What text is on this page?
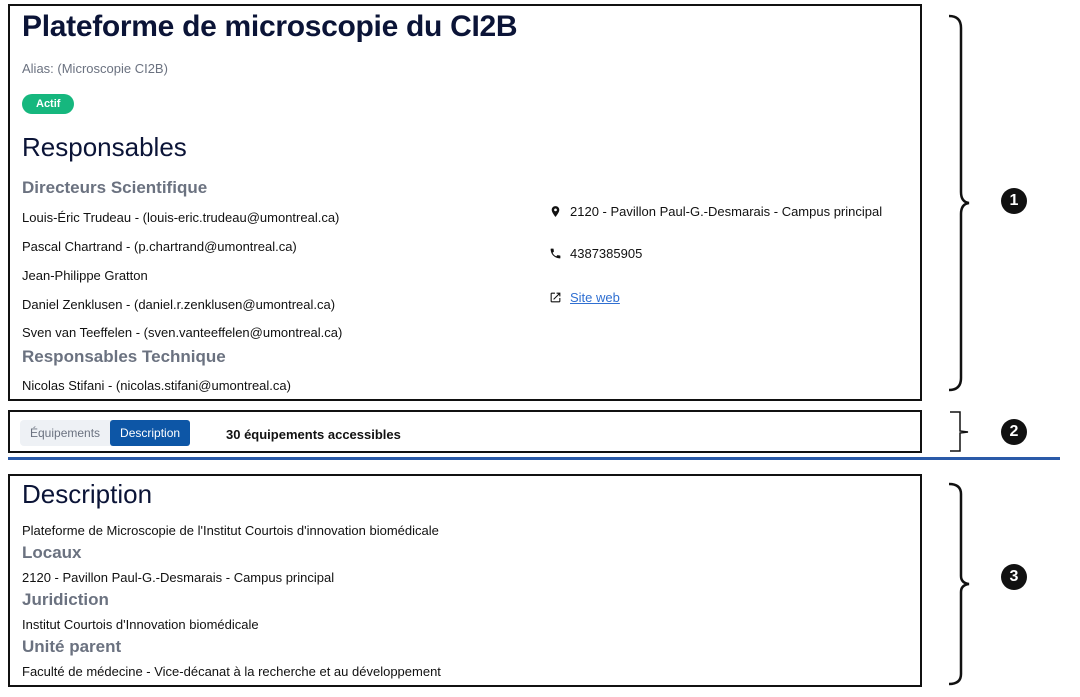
Plateforme de microscopie du CI2B
Alias: (Microscopie CI2B)
Actif
Responsables
Directeurs Scientifique
Louis-Éric Trudeau - (louis-eric.trudeau@umontreal.ca)
Pascal Chartrand - (p.chartrand@umontreal.ca)
Jean-Philippe Gratton
Daniel Zenklusen - (daniel.r.zenklusen@umontreal.ca)
Sven van Teeffelen - (sven.vanteeffelen@umontreal.ca)
Responsables Technique
Nicolas Stifani - (nicolas.stifani@umontreal.ca)
2120 - Pavillon Paul-G.-Desmarais - Campus principal
4387385905
Site web
1
Équipements	Description	30 équipements accessibles	2
Description
Plateforme de Microscopie de l'Institut Courtois d'innovation biomédicale
Locaux
2120 - Pavillon Paul-G.-Desmarais - Campus principal
Juridiction
Institut Courtois d'Innovation biomédicale
Unité parent
Faculté de médecine - Vice-décanat à la recherche et au développement
3
